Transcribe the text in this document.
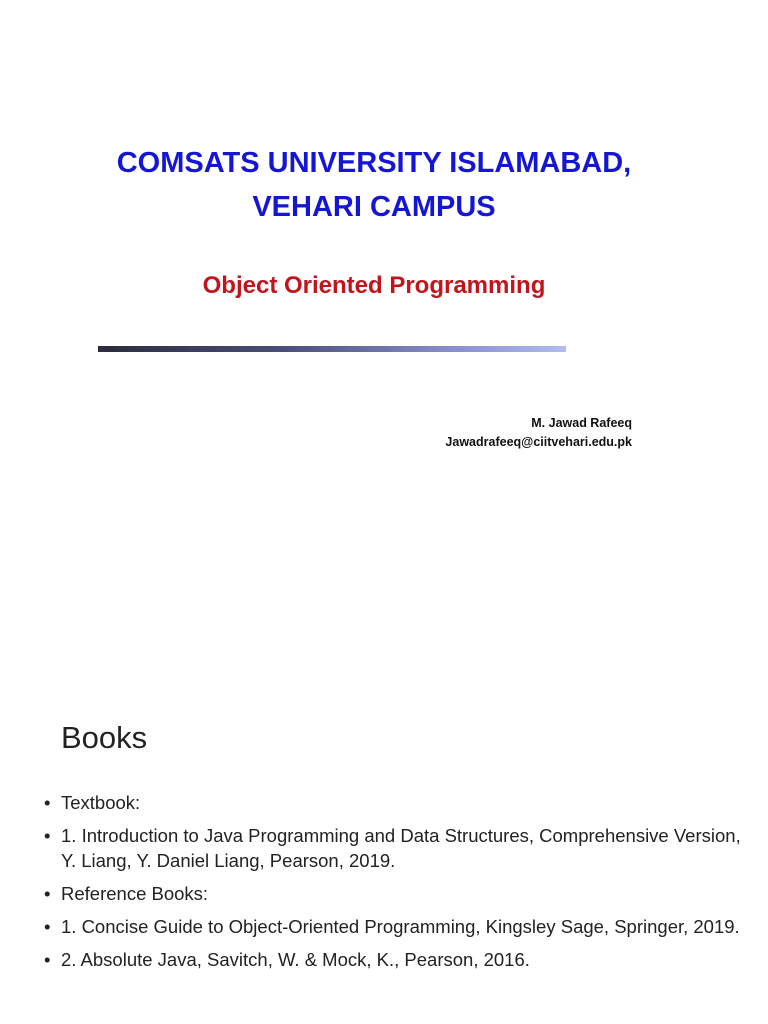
COMSATS UNIVERSITY ISLAMABAD,
VEHARI CAMPUS
Object Oriented Programming
M. Jawad Rafeeq
Jawadrafeeq@ciitvehari.edu.pk
Books
• Textbook:
• 1. Introduction to Java Programming and Data Structures, Comprehensive Version, Y. Liang, Y. Daniel Liang, Pearson, 2019.
• Reference Books:
• 1. Concise Guide to Object-Oriented Programming, Kingsley Sage, Springer, 2019.
• 2. Absolute Java, Savitch, W. & Mock, K., Pearson, 2016.
